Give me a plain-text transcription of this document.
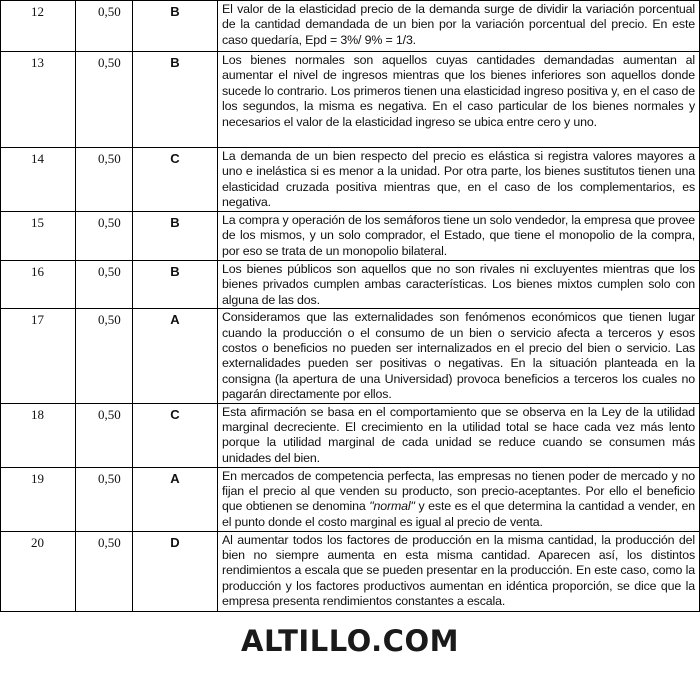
12	0,50	B	El valor de la elasticidad precio de la demanda surge de dividir la variación porcentual de la cantidad demandada de un bien por la variación porcentual del precio. En este caso quedaría, Epd = 3%/ 9% = 1/3.

13	0,50	B	Los bienes normales son aquellos cuyas cantidades demandadas aumentan al aumentar el nivel de ingresos mientras que los bienes inferiores son aquellos donde sucede lo contrario. Los primeros tienen una elasticidad ingreso positiva y, en el caso de los segundos, la misma es negativa. En el caso particular de los bienes normales y necesarios el valor de la elasticidad ingreso se ubica entre cero y uno.

14	0,50	C	La demanda de un bien respecto del precio es elástica si registra valores mayores a uno e inelástica si es menor a la unidad. Por otra parte, los bienes sustitutos tienen una elasticidad cruzada positiva mientras que, en el caso de los complementarios, es negativa.

15	0,50	B	La compra y operación de los semáforos tiene un solo vendedor, la empresa que provee de los mismos, y un solo comprador, el Estado, que tiene el monopolio de la compra, por eso se trata de un monopolio bilateral.

16	0,50	B	Los bienes públicos son aquellos que no son rivales ni excluyentes mientras que los bienes privados cumplen ambas características. Los bienes mixtos cumplen solo con alguna de las dos.

17	0,50	A	Consideramos que las externalidades son fenómenos económicos que tienen lugar cuando la producción o el consumo de un bien o servicio afecta a terceros y esos costos o beneficios no pueden ser internalizados en el precio del bien o servicio. Las externalidades pueden ser positivas o negativas. En la situación planteada en la consigna (la apertura de una Universidad) provoca beneficios a terceros los cuales no pagarán directamente por ellos.

18	0,50	C	Esta afirmación se basa en el comportamiento que se observa en la Ley de la utilidad marginal decreciente. El crecimiento en la utilidad total se hace cada vez más lento porque la utilidad marginal de cada unidad se reduce cuando se consumen más unidades del bien.

19	0,50	A	En mercados de competencia perfecta, las empresas no tienen poder de mercado y no fijan el precio al que venden su producto, son precio-aceptantes. Por ello el beneficio que obtienen se denomina "normal" y este es el que determina la cantidad a vender, en el punto donde el costo marginal es igual al precio de venta.

20	0,50	D	Al aumentar todos los factores de producción en la misma cantidad, la producción del bien no siempre aumenta en esta misma cantidad. Aparecen así, los distintos rendimientos a escala que se pueden presentar en la producción. En este caso, como la producción y los factores productivos aumentan en idéntica proporción, se dice que la empresa presenta rendimientos constantes a escala.
ALTILLO.COM
